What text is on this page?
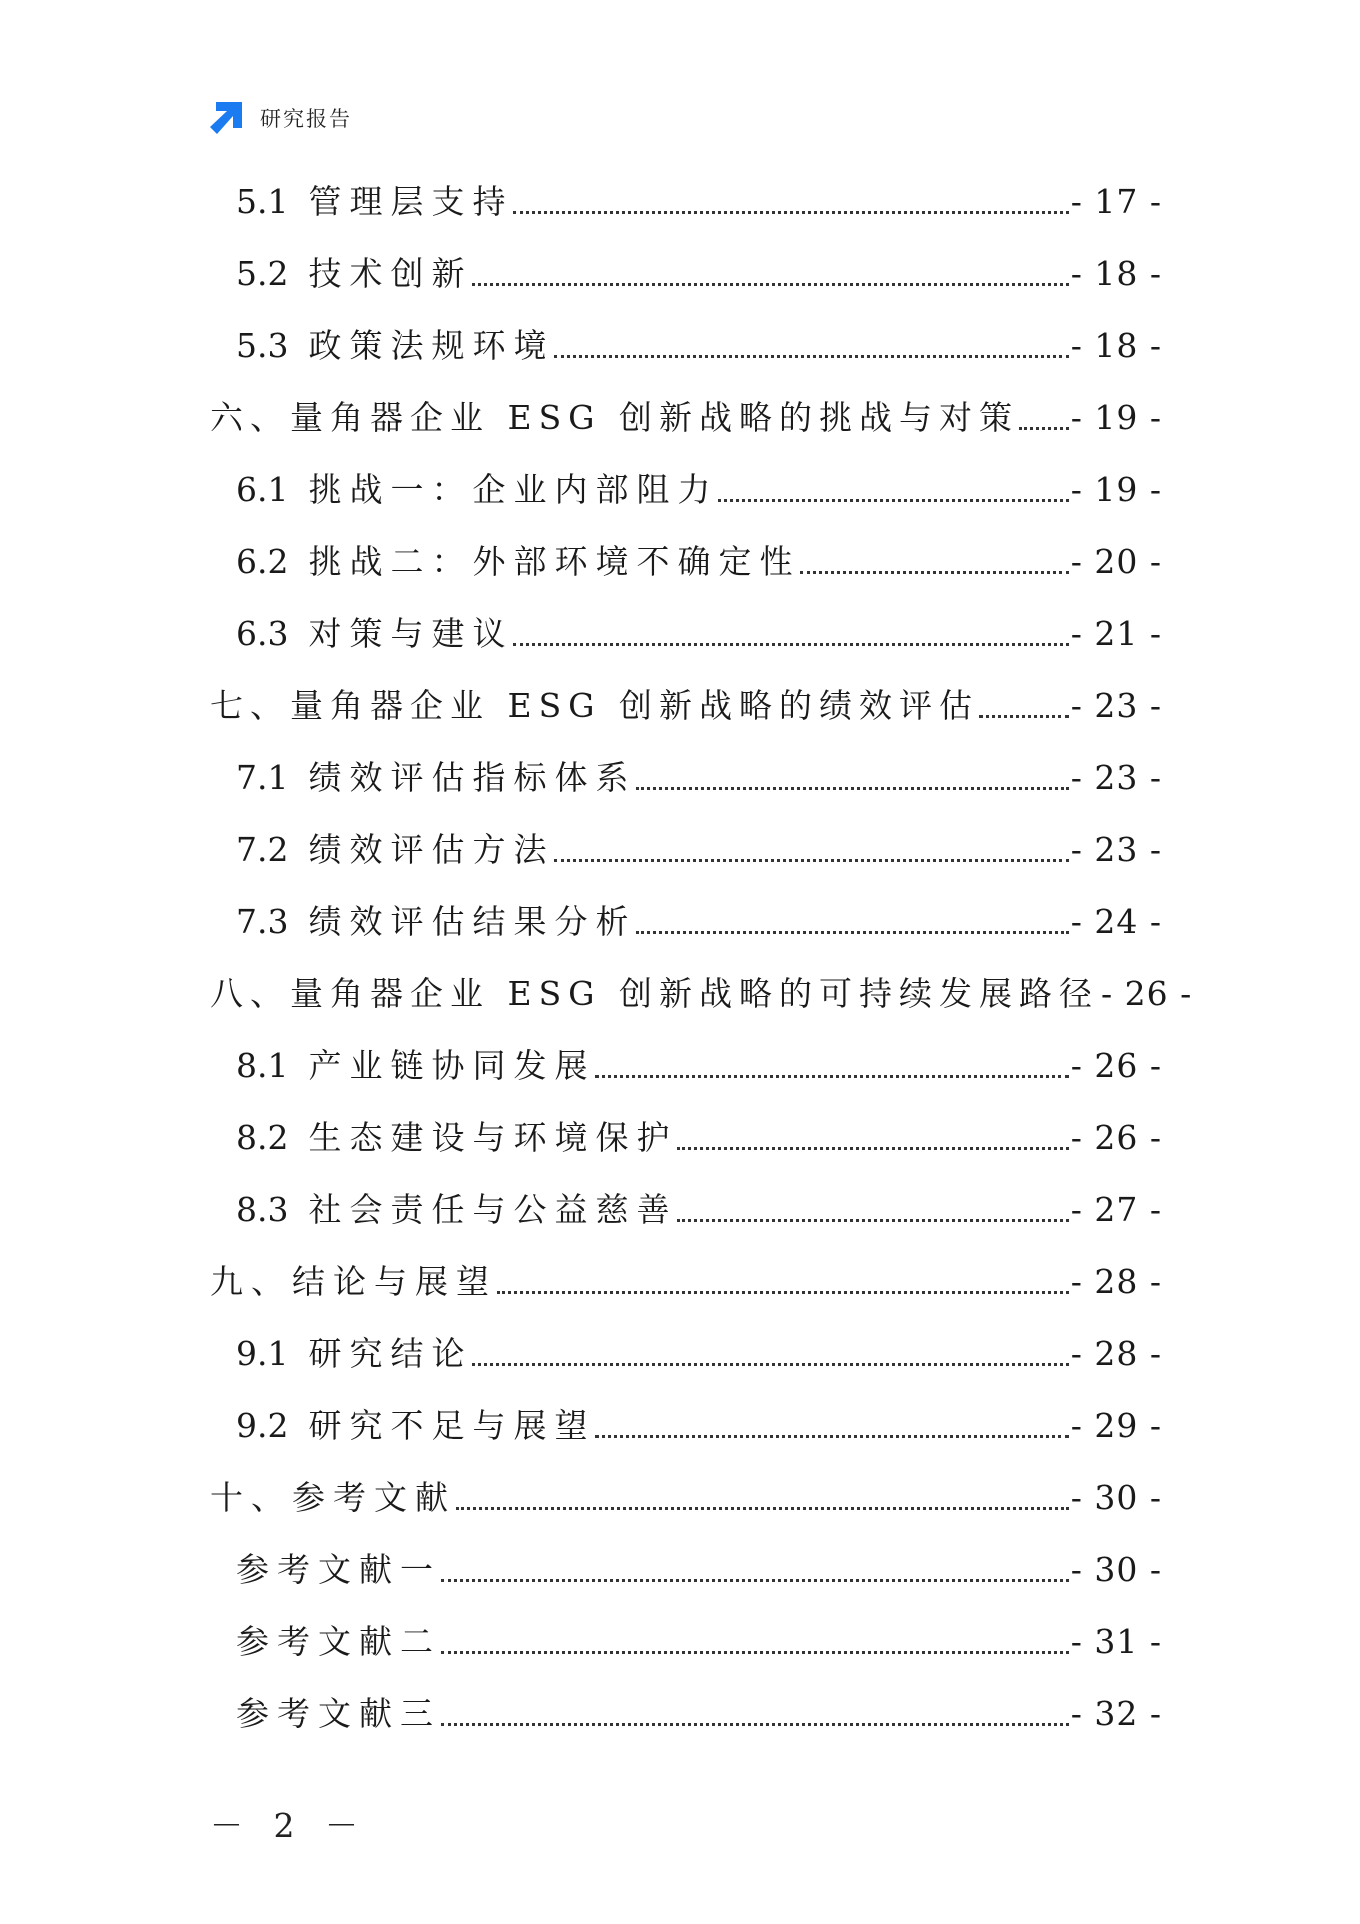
研究报告
5.1 管理层支持	- 17 -
5.2 技术创新	- 18 -
5.3 政策法规环境	- 18 -
六、量角器企业 ESG 创新战略的挑战与对策 - 19 -
6.1 挑战一：企业内部阻力	- 19 -
6.2 挑战二：外部环境不确定性	- 20 -
6.3 对策与建议	- 21 -
七、量角器企业 ESG 创新战略的绩效评估	- 23 -
7.1 绩效评估指标体系	- 23 -
7.2 绩效评估方法	- 23 -
7.3 绩效评估结果分析	- 24 -
八、量角器企业 ESG 创新战略的可持续发展路径 - 26 -
8.1 产业链协同发展	- 26 -
8.2 生态建设与环境保护	- 26 -
8.3 社会责任与公益慈善	- 27 -
九、结论与展望	- 28 -
9.1 研究结论	- 28 -
9.2 研究不足与展望	- 29 -
十、参考文献	- 30 -
参考文献一	- 30 -
参考文献二	- 31 -
参考文献三	- 32 -
－ 2 －
